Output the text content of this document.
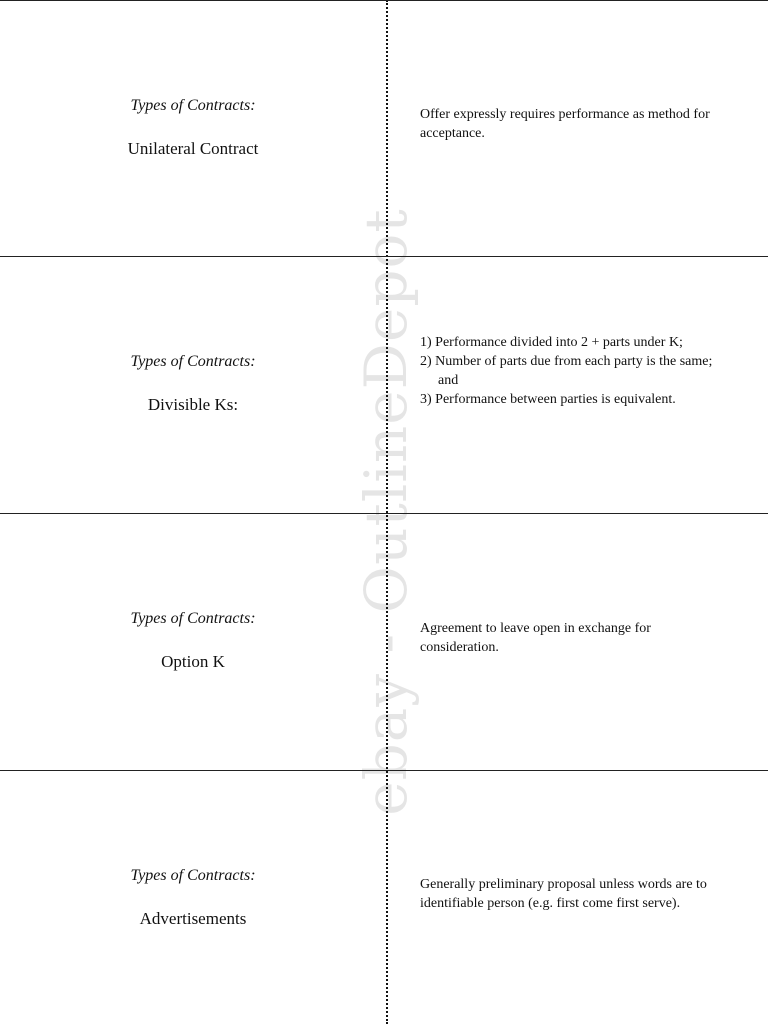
ebay - OutlineDepot
Types of Contracts:
Unilateral Contract

Offer expressly requires performance as method for acceptance.

Types of Contracts:
Divisible Ks:

1) Performance divided into 2 + parts under K;

2) Number of parts due from each party is the same; and

3) Performance between parties is equivalent.

Types of Contracts:
Option K

Agreement to leave open in exchange for consideration.

Types of Contracts:
Advertisements

Generally preliminary proposal unless words are to identifiable person (e.g. first come first serve).
